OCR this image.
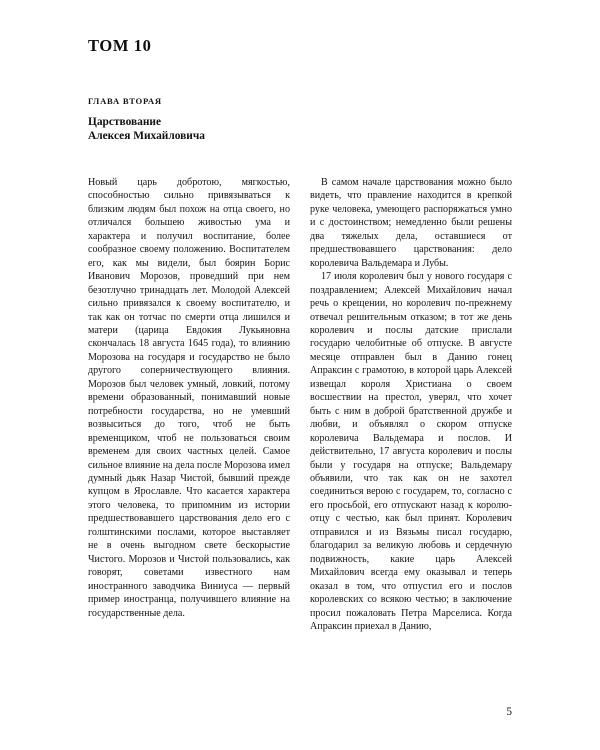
ТОМ 10
ГЛАВА ВТОРАЯ
Царствование
Алексея Михайловича

Новый царь добротою, мягкостью, способностью сильно привязываться к близким людям был похож на отца своего, но отличался большею живостью ума и характера и получил воспитание, более сообразное своему положению. Воспитателем его, как мы видели, был боярин Борис Иванович Морозов, проведший при нем безотлучно тринадцать лет. Молодой Алексей сильно привязался к своему воспитателю, и так как он тотчас по смерти отца лишился и матери (царица Евдокия Лукьяновна скончалась 18 августа 1645 года), то влиянию Морозова на государя и государство не было другого соперничествующего влияния. Морозов был человек умный, ловкий, потому времени образованный, понимавший новые потребности государства, но не умевший возвыситься до того, чтоб не быть временщиком, чтоб не пользоваться своим временем для своих частных целей. Самое сильное влияние на дела после Морозова имел думный дьяк Назар Чистой, бывший прежде купцом в Ярославле. Что касается характера этого человека, то припомним из истории предшествовавшего царствования дело его с голштинскими послами, которое выставляет не в очень выгодном свете бескорыстие Чистого. Морозов и Чистой пользовались, как говорят, советами известного нам иностранного заводчика Виниуса — первый пример иностранца, получившего влияние на государственные дела.

В самом начале царствования можно было видеть, что правление находится в крепкой руке человека, умеющего распоряжаться умно и с достоинством; немедленно были решены два тяжелых дела, оставшиеся от предшествовавшего царствования: дело королевича Вальдемара и Лубы.

17 июля королевич был у нового государя с поздравлением; Алексей Михайлович начал речь о крещении, но королевич по-прежнему отвечал решительным отказом; в тот же день королевич и послы датские прислали государю челобитные об отпуске. В августе месяце отправлен был в Данию гонец Апраксин с грамотою, в которой царь Алексей извещал короля Христиана о своем восшествии на престол, уверял, что хочет быть с ним в доброй братственной дружбе и любви, и объявлял о скором отпуске королевича Вальдемара и послов. И действительно, 17 августа королевич и послы были у государя на отпуске; Вальдемару объявили, что так как он не захотел соединиться верою с государем, то, согласно с его просьбой, его отпускают назад к королю-отцу с честью, как был принят. Королевич отправился и из Вязьмы писал государю, благодарил за великую любовь и сердечную подвижность, какие царь Алексей Михайлович всегда ему оказывал и теперь оказал в том, что отпустил его и послов королевских со всякою честью; в заключение просил пожаловать Петра Марселиса. Когда Апраксин приехал в Данию,

5
